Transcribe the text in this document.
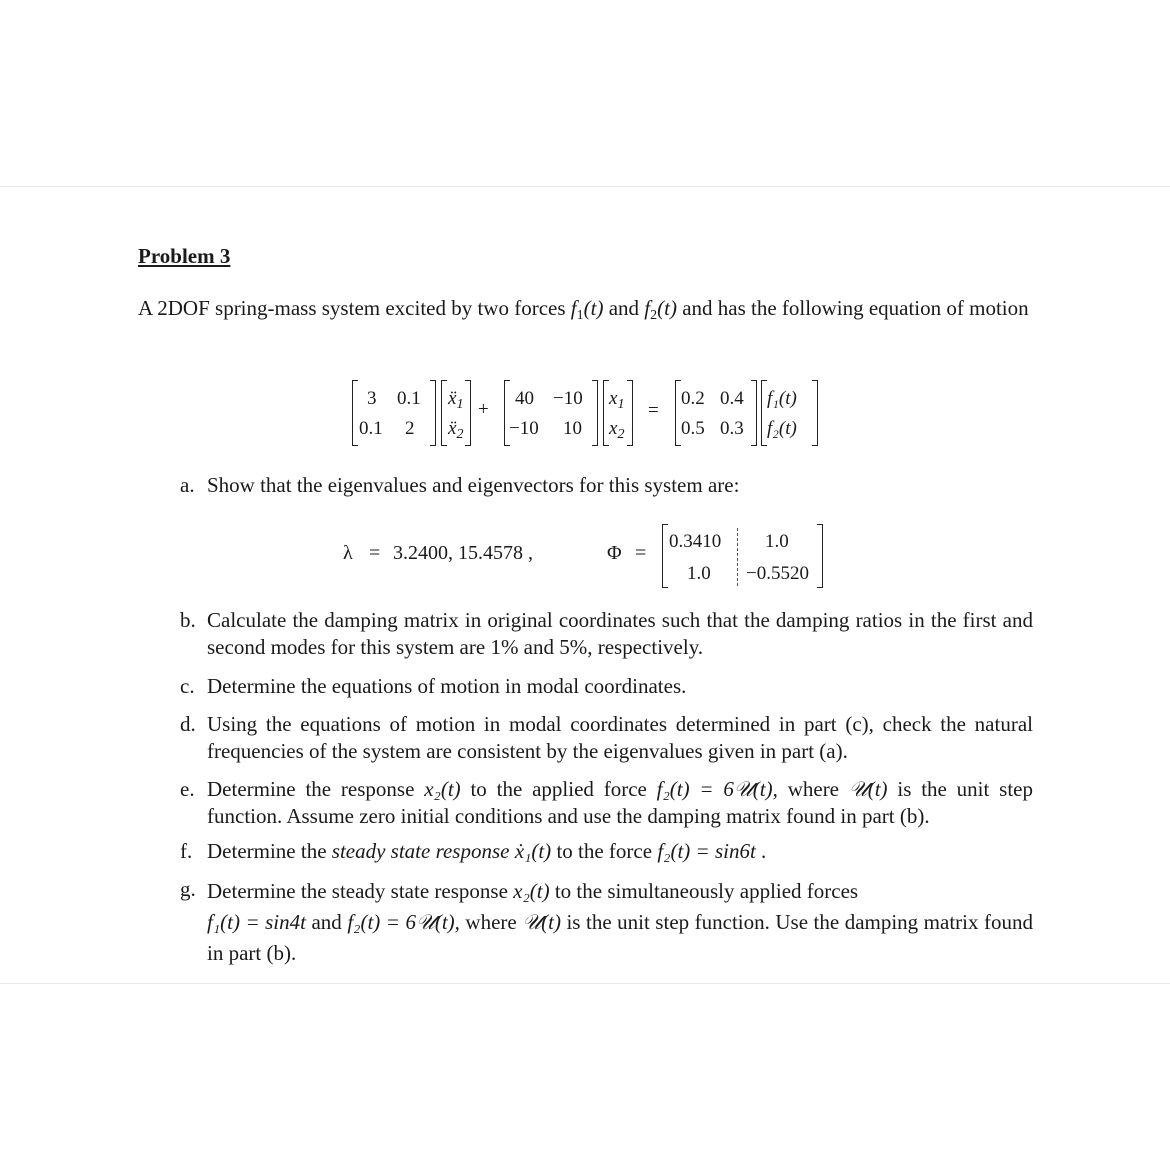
Problem 3
A 2DOF spring-mass system excited by two forces $f_1(t)$ and $f_2(t)$ and has the following equation of motion
3 0.1
0.1 2
ẍ$_1$
ẍ$_2$
+
40 −10
−10 10
$x_1$
$x_2$
=
0.2 0.4
0.5 0.3
f₁(t)
f₂(t)
a. Show that the eigenvalues and eigenvectors for this system are:
λ = 3.2400, 15.4578 ,	Φ =
0.3410 1.0
1.0 −0.5520
b. Calculate the damping matrix in original coordinates such that the damping ratios in the first and second modes for this system are 1% and 5%, respectively.
c. Determine the equations of motion in modal coordinates.
d. Using the equations of motion in modal coordinates determined in part (c), check the natural frequencies of the system are consistent by the eigenvalues given in part (a).
e. Determine the response x₂(t) to the applied force f₂(t) = 6𝒰(t), where 𝒰(t) is the unit step function. Assume zero initial conditions and use the damping matrix found in part (b).
f. Determine the steady state response ẋ₁(t) to the force f₂(t) = sin6t .
g. Determine the steady state response x₂(t) to the simultaneously applied forces
f₁(t) = sin4t and f₂(t) = 6𝒰(t), where 𝒰(t) is the unit step function. Use the damping matrix found in part (b).
